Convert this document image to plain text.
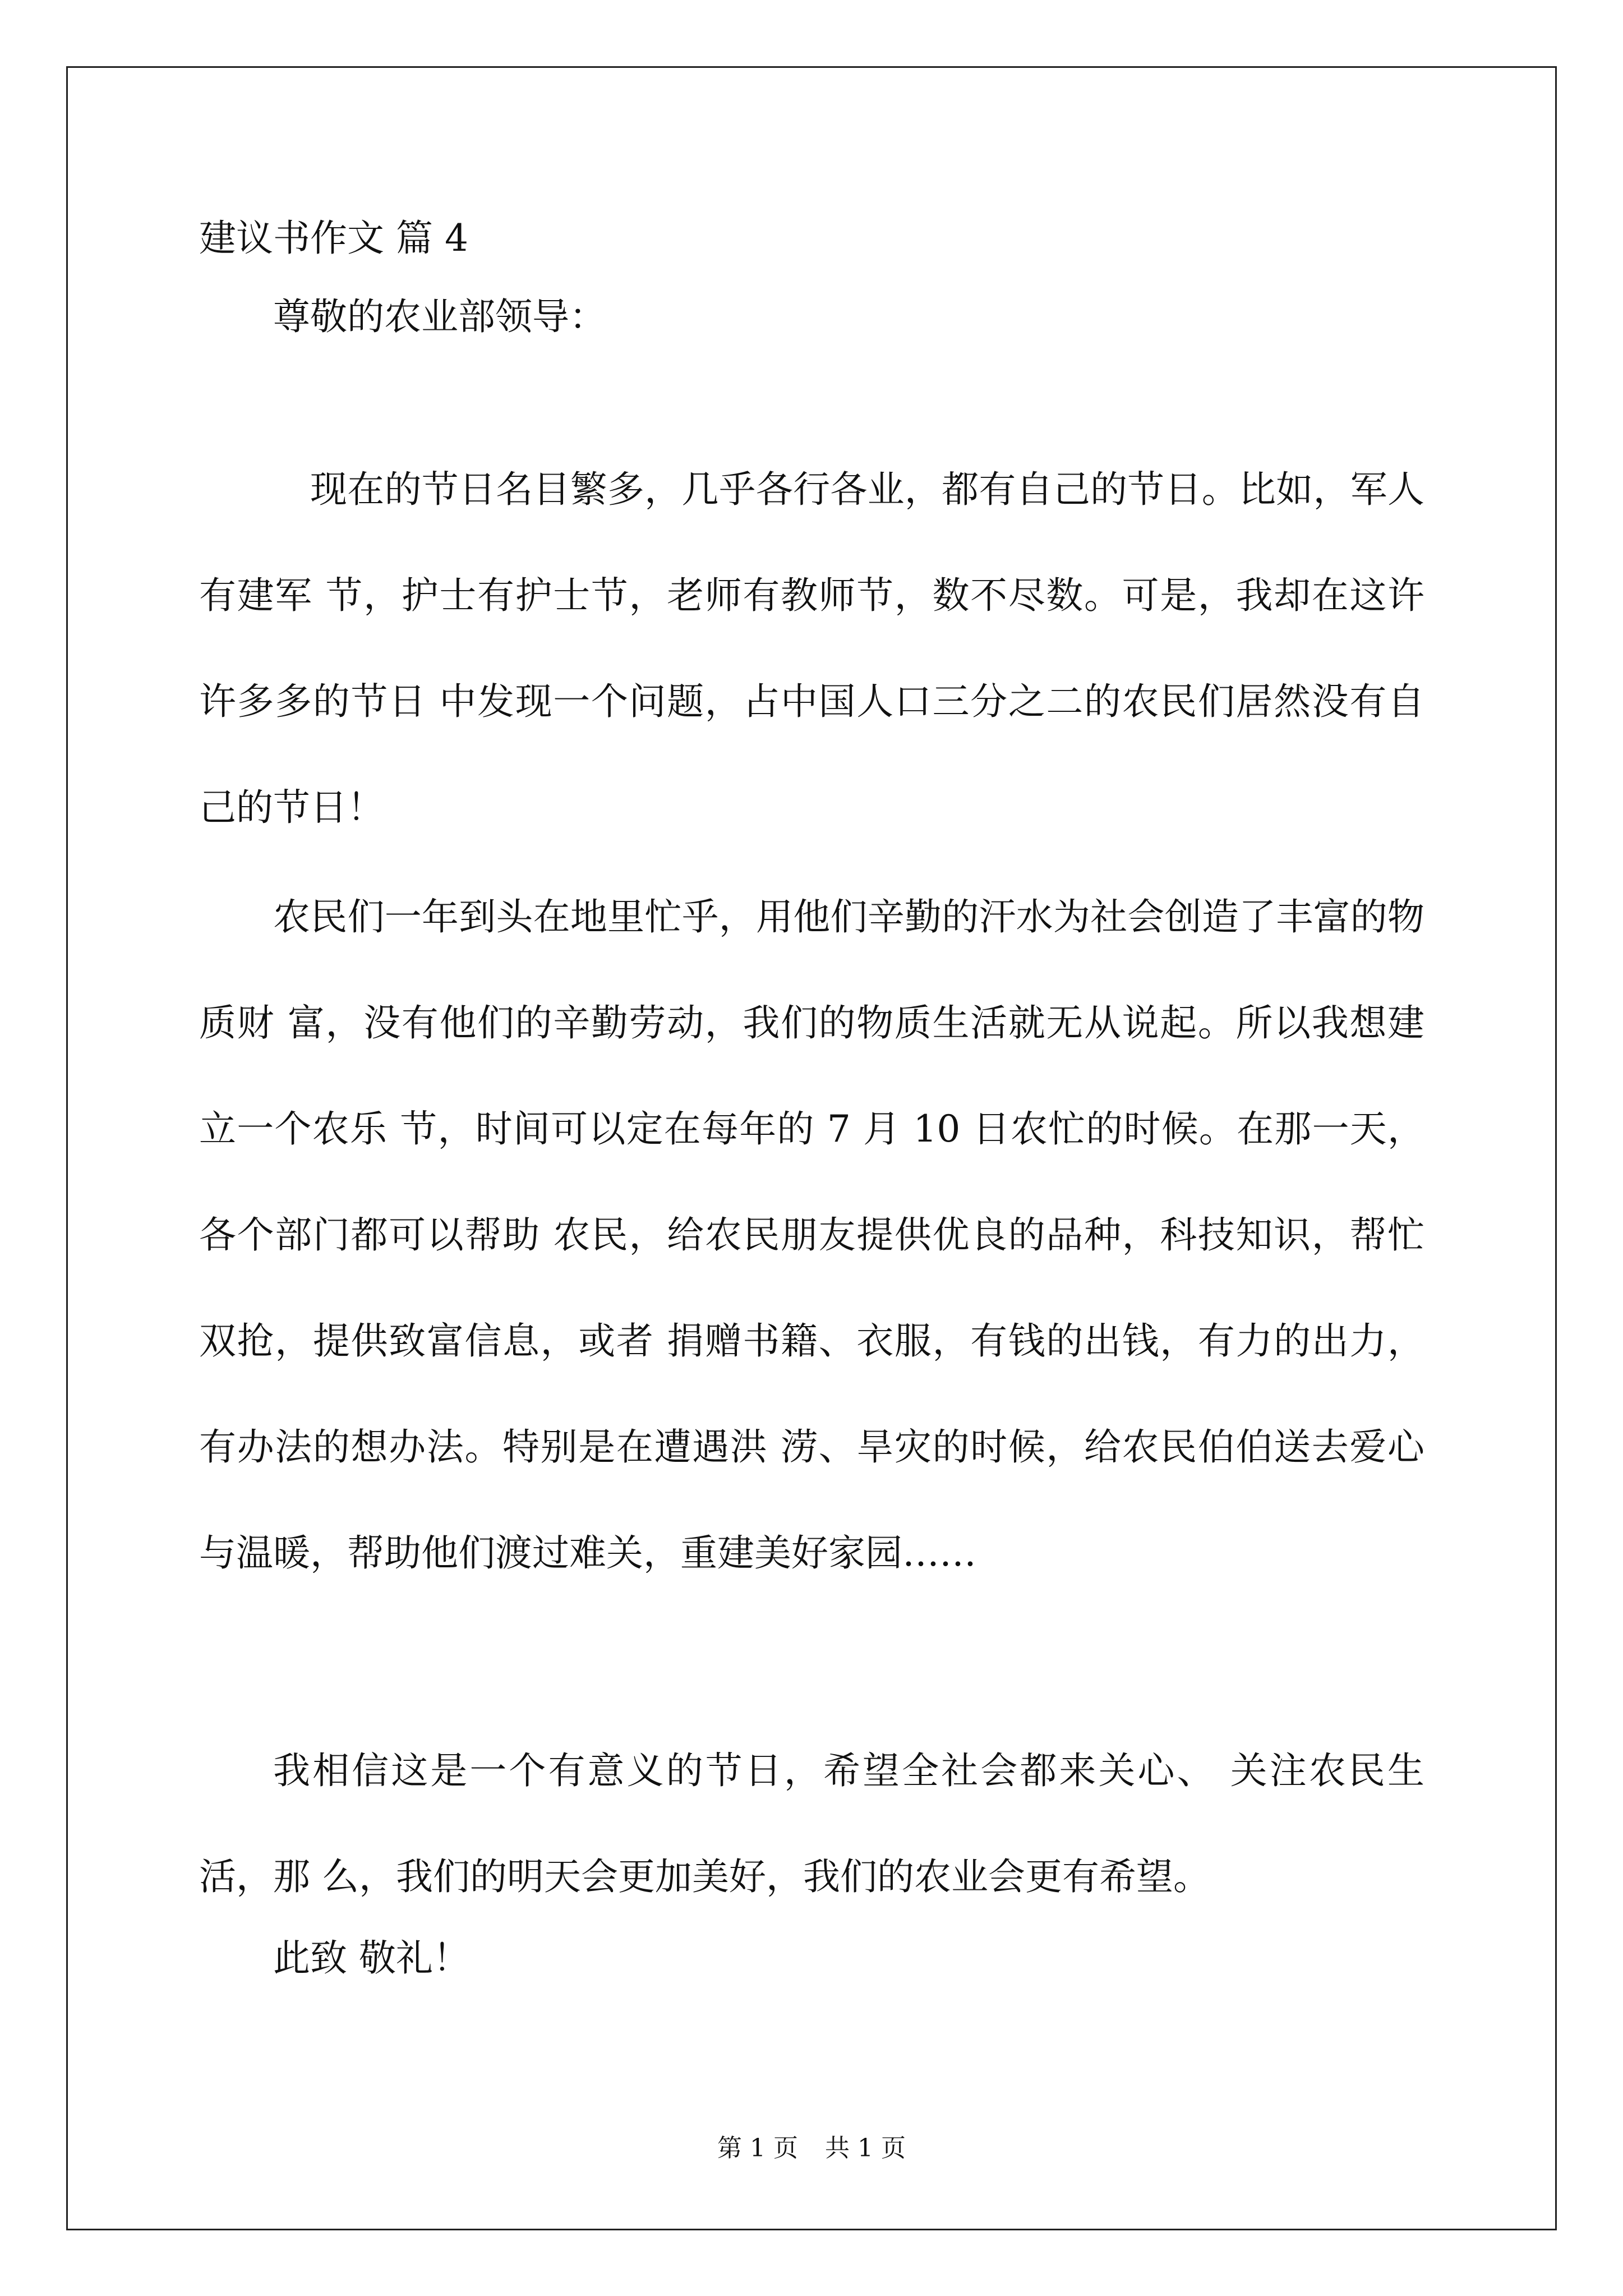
建议书作文 篇 4

尊敬的农业部领导：

现在的节日名目繁多，几乎各行各业，都有自己的节日。比如，军人有建军 节，护士有护士节，老师有教师节，数不尽数。可是，我却在这许许多多的节日 中发现一个问题，占中国人口三分之二的农民们居然没有自己的节日！

农民们一年到头在地里忙乎，用他们辛勤的汗水为社会创造了丰富的物质财 富，没有他们的辛勤劳动，我们的物质生活就无从说起。所以我想建立一个农乐 节，时间可以定在每年的 7 月 10 日农忙的时候。在那一天，各个部门都可以帮助 农民，给农民朋友提供优良的品种，科技知识，帮忙双抢，提供致富信息，或者 捐赠书籍、衣服，有钱的出钱，有力的出力，有办法的想办法。特别是在遭遇洪 涝、旱灾的时候，给农民伯伯送去爱心与温暖，帮助他们渡过难关，重建美好家园……

我相信这是一个有意义的节日，希望全社会都来关心、 关注农民生活，那 么，我们的明天会更加美好，我们的农业会更有希望。

此致 敬礼！

第 1 页 共 1 页
